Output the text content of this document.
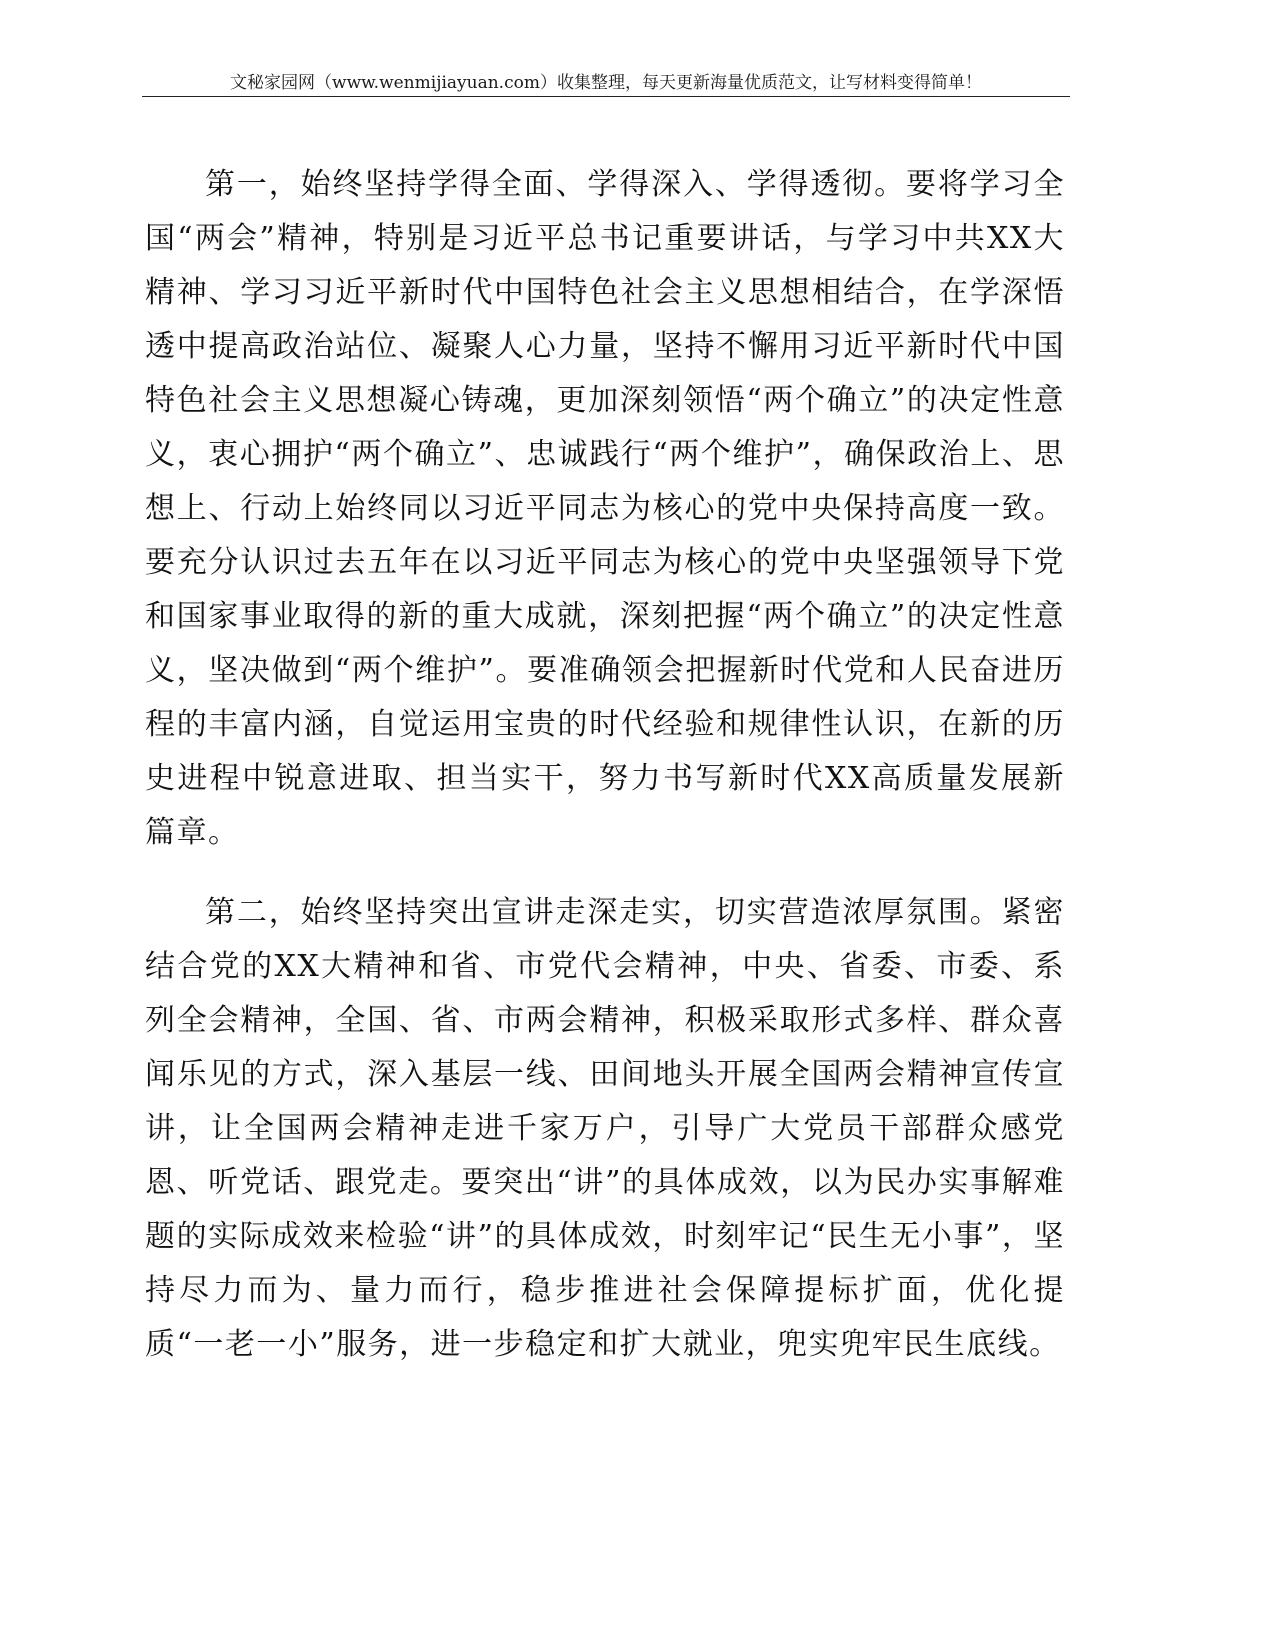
文秘家园网（www.wenmijiayuan.com）收集整理，每天更新海量优质范文，让写材料变得简单！

第一，始终坚持学得全面、学得深入、学得透彻。要将学习全国“两会”精神，特别是习近平总书记重要讲话，与学习中共XX大精神、学习习近平新时代中国特色社会主义思想相结合，在学深悟透中提高政治站位、凝聚人心力量，坚持不懈用习近平新时代中国特色社会主义思想凝心铸魂，更加深刻领悟“两个确立”的决定性意义，衷心拥护“两个确立”、忠诚践行“两个维护”，确保政治上、思想上、行动上始终同以习近平同志为核心的党中央保持高度一致。要充分认识过去五年在以习近平同志为核心的党中央坚强领导下党和国家事业取得的新的重大成就，深刻把握“两个确立”的决定性意义，坚决做到“两个维护”。要准确领会把握新时代党和人民奋进历程的丰富内涵，自觉运用宝贵的时代经验和规律性认识，在新的历史进程中锐意进取、担当实干，努力书写新时代XX高质量发展新篇章。

第二，始终坚持突出宣讲走深走实，切实营造浓厚氛围。紧密结合党的XX大精神和省、市党代会精神，中央、省委、市委、系列全会精神，全国、省、市两会精神，积极采取形式多样、群众喜闻乐见的方式，深入基层一线、田间地头开展全国两会精神宣传宣讲，让全国两会精神走进千家万户，引导广大党员干部群众感党恩、听党话、跟党走。要突出“讲”的具体成效，以为民办实事解难题的实际成效来检验“讲”的具体成效，时刻牢记“民生无小事”，坚持尽力而为、量力而行，稳步推进社会保障提标扩面，优化提质“一老一小”服务，进一步稳定和扩大就业，兜实兜牢民生底线。
